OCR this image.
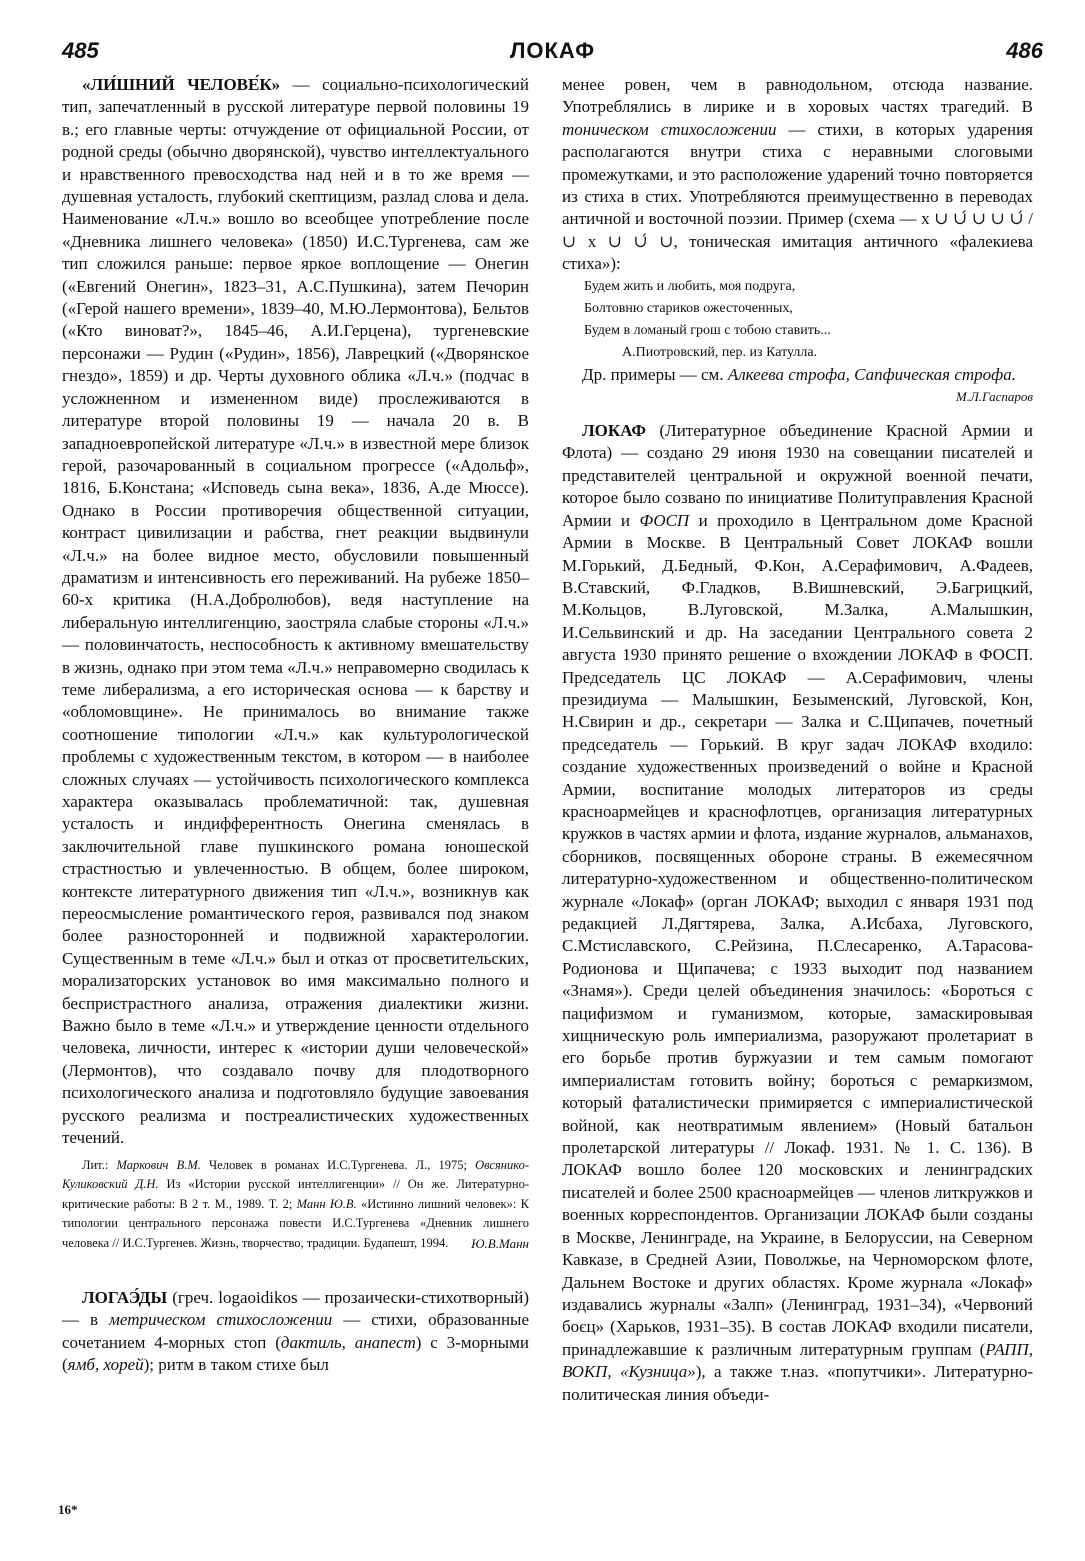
485	ЛОКАФ	486

«ЛИ́ШНИЙ ЧЕЛОВЕ́К» — социально-психологический тип, запечатленный в русской литературе первой половины 19 в.; его главные черты: отчуждение от официальной России, от родной среды (обычно дворянской), чувство интеллектуального и нравственного превосходства над ней и в то же время — душевная усталость, глубокий скептицизм, разлад слова и дела. Наименование «Л.ч.» вошло во всеобщее употребление после «Дневника лишнего человека» (1850) И.С.Тургенева, сам же тип сложился раньше: первое яркое воплощение — Онегин («Евгений Онегин», 1823–31, А.С.Пушкина), затем Печорин («Герой нашего времени», 1839–40, М.Ю.Лермонтова), Бельтов («Кто виноват?», 1845–46, А.И.Герцена), тургеневские персонажи — Рудин («Рудин», 1856), Лаврецкий («Дворянское гнездо», 1859) и др. Черты духовного облика «Л.ч.» (подчас в усложненном и измененном виде) прослеживаются в литературе второй половины 19 — начала 20 в. В западноевропейской литературе «Л.ч.» в известной мере близок герой, разочарованный в социальном прогрессе («Адольф», 1816, Б.Констана; «Исповедь сына века», 1836, А.де Мюссе). Однако в России противоречия общественной ситуации, контраст цивилизации и рабства, гнет реакции выдвинули «Л.ч.» на более видное место, обусловили повышенный драматизм и интенсивность его переживаний. На рубеже 1850–60-х критика (Н.А.Добролюбов), ведя наступление на либеральную интеллигенцию, заостряла слабые стороны «Л.ч.» — половинчатость, неспособность к активному вмешательству в жизнь, однако при этом тема «Л.ч.» неправомерно сводилась к теме либерализма, а его историческая основа — к барству и «обломовщине». Не принималось во внимание также соотношение типологии «Л.ч.» как культурологической проблемы с художественным текстом, в котором — в наиболее сложных случаях — устойчивость психологического комплекса характера оказывалась проблематичной: так, душевная усталость и индифферентность Онегина сменялась в заключительной главе пушкинского романа юношеской страстностью и увлеченностью. В общем, более широком, контексте литературного движения тип «Л.ч.», возникнув как переосмысление романтического героя, развивался под знаком более разносторонней и подвижной характерологии. Существенным в теме «Л.ч.» был и отказ от просветительских, морализаторских установок во имя максимально полного и беспристрастного анализа, отражения диалектики жизни. Важно было в теме «Л.ч.» и утверждение ценности отдельного человека, личности, интерес к «истории души человеческой» (Лермонтов), что создавало почву для плодотворного психологического анализа и подготовляло будущие завоевания русского реализма и постреалистических художественных течений.

Лит.: Маркович В.М. Человек в романах И.С.Тургенева. Л., 1975; Овсянико-Куликовский Д.Н. Из «Истории русской интеллигенции» // Он же. Литературно-критические работы: В 2 т. М., 1989. Т. 2; Манн Ю.В. «Истинно лишний человек»: К типологии центрального персонажа повести И.С.Тургенева «Дневник лишнего человека // И.С.Тургенев. Жизнь, творчество, традиции. Будапешт, 1994.	Ю.В.Манн

ЛОГАЭ́ДЫ (греч. logaoidikos — прозаически-стихотворный) — в метрическом стихосложении — стихи, образованные сочетанием 4-морных стоп (дактиль, анапест) с 3-морными (ямб, хорей); ритм в таком стихе был

менее ровен, чем в равнодольном, отсюда название. Употреблялись в лирике и в хоровых частях трагедий. В тоническом стихосложении — стихи, в которых ударения располагаются внутри стиха с неравными слоговыми промежутками, и это расположение ударений точно повторяется из стиха в стих. Употребляются преимущественно в переводах античной и восточной поэзии. Пример (схема — x ∪ ∪́ ∪ ∪ ∪́ / ∪ x ∪ ∪́ ∪, тоническая имитация античного «фалекиева стиха»):

Будем жить и любить, моя подруга,
Болтовню стариков ожесточенных,
Будем в ломаный грош с тобою ставить...
А.Пиотровский, пер. из Катулла.

Др. примеры — см. Алкеева строфа, Сапфическая строфа.
М.Л.Гаспаров

ЛОКАФ (Литературное объединение Красной Армии и Флота) — создано 29 июня 1930 на совещании писателей и представителей центральной и окружной военной печати, которое было созвано по инициативе Политуправления Красной Армии и ФОСП и проходило в Центральном доме Красной Армии в Москве. В Центральный Совет ЛОКАФ вошли М.Горький, Д.Бедный, Ф.Кон, А.Серафимович, А.Фадеев, В.Ставский, Ф.Гладков, В.Вишневский, Э.Багрицкий, М.Кольцов, В.Луговской, М.Залка, А.Малышкин, И.Сельвинский и др. На заседании Центрального совета 2 августа 1930 принято решение о вхождении ЛОКАФ в ФОСП. Председатель ЦС ЛОКАФ — А.Серафимович, члены президиума — Малышкин, Безыменский, Луговской, Кон, Н.Свирин и др., секретари — Залка и С.Щипачев, почетный председатель — Горький. В круг задач ЛОКАФ входило: создание художественных произведений о войне и Красной Армии, воспитание молодых литераторов из среды красноармейцев и краснофлотцев, организация литературных кружков в частях армии и флота, издание журналов, альманахов, сборников, посвященных обороне страны. В ежемесячном литературно-художественном и общественно-политическом журнале «Локаф» (орган ЛОКАФ; выходил с января 1931 под редакцией Л.Дягтярева, Залка, А.Исбаха, Луговского, С.Мстиславского, С.Рейзина, П.Слесаренко, А.Тарасова-Родионова и Щипачева; с 1933 выходит под названием «Знамя»). Среди целей объединения значилось: «Бороться с пацифизмом и гуманизмом, которые, замаскировывая хищническую роль империализма, разоружают пролетариат в его борьбе против буржуазии и тем самым помогают империалистам готовить войну; бороться с ремаркизмом, который фаталистически примиряется с империалистической войной, как неотвратимым явлением» (Новый батальон пролетарской литературы // Локаф. 1931. № 1. С. 136). В ЛОКАФ вошло более 120 московских и ленинградских писателей и более 2500 красноармейцев — членов литкружков и военных корреспондентов. Организации ЛОКАФ были созданы в Москве, Ленинграде, на Украине, в Белоруссии, на Северном Кавказе, в Средней Азии, Поволжье, на Черноморском флоте, Дальнем Востоке и других областях. Кроме журнала «Локаф» издавались журналы «Залп» (Ленинград, 1931–34), «Червоний боєц» (Харьков, 1931–35). В состав ЛОКАФ входили писатели, принадлежавшие к различным литературным группам (РАПП, ВОКП, «Кузница»), а также т.наз. «попутчики». Литературно-политическая линия объеди-

16*
